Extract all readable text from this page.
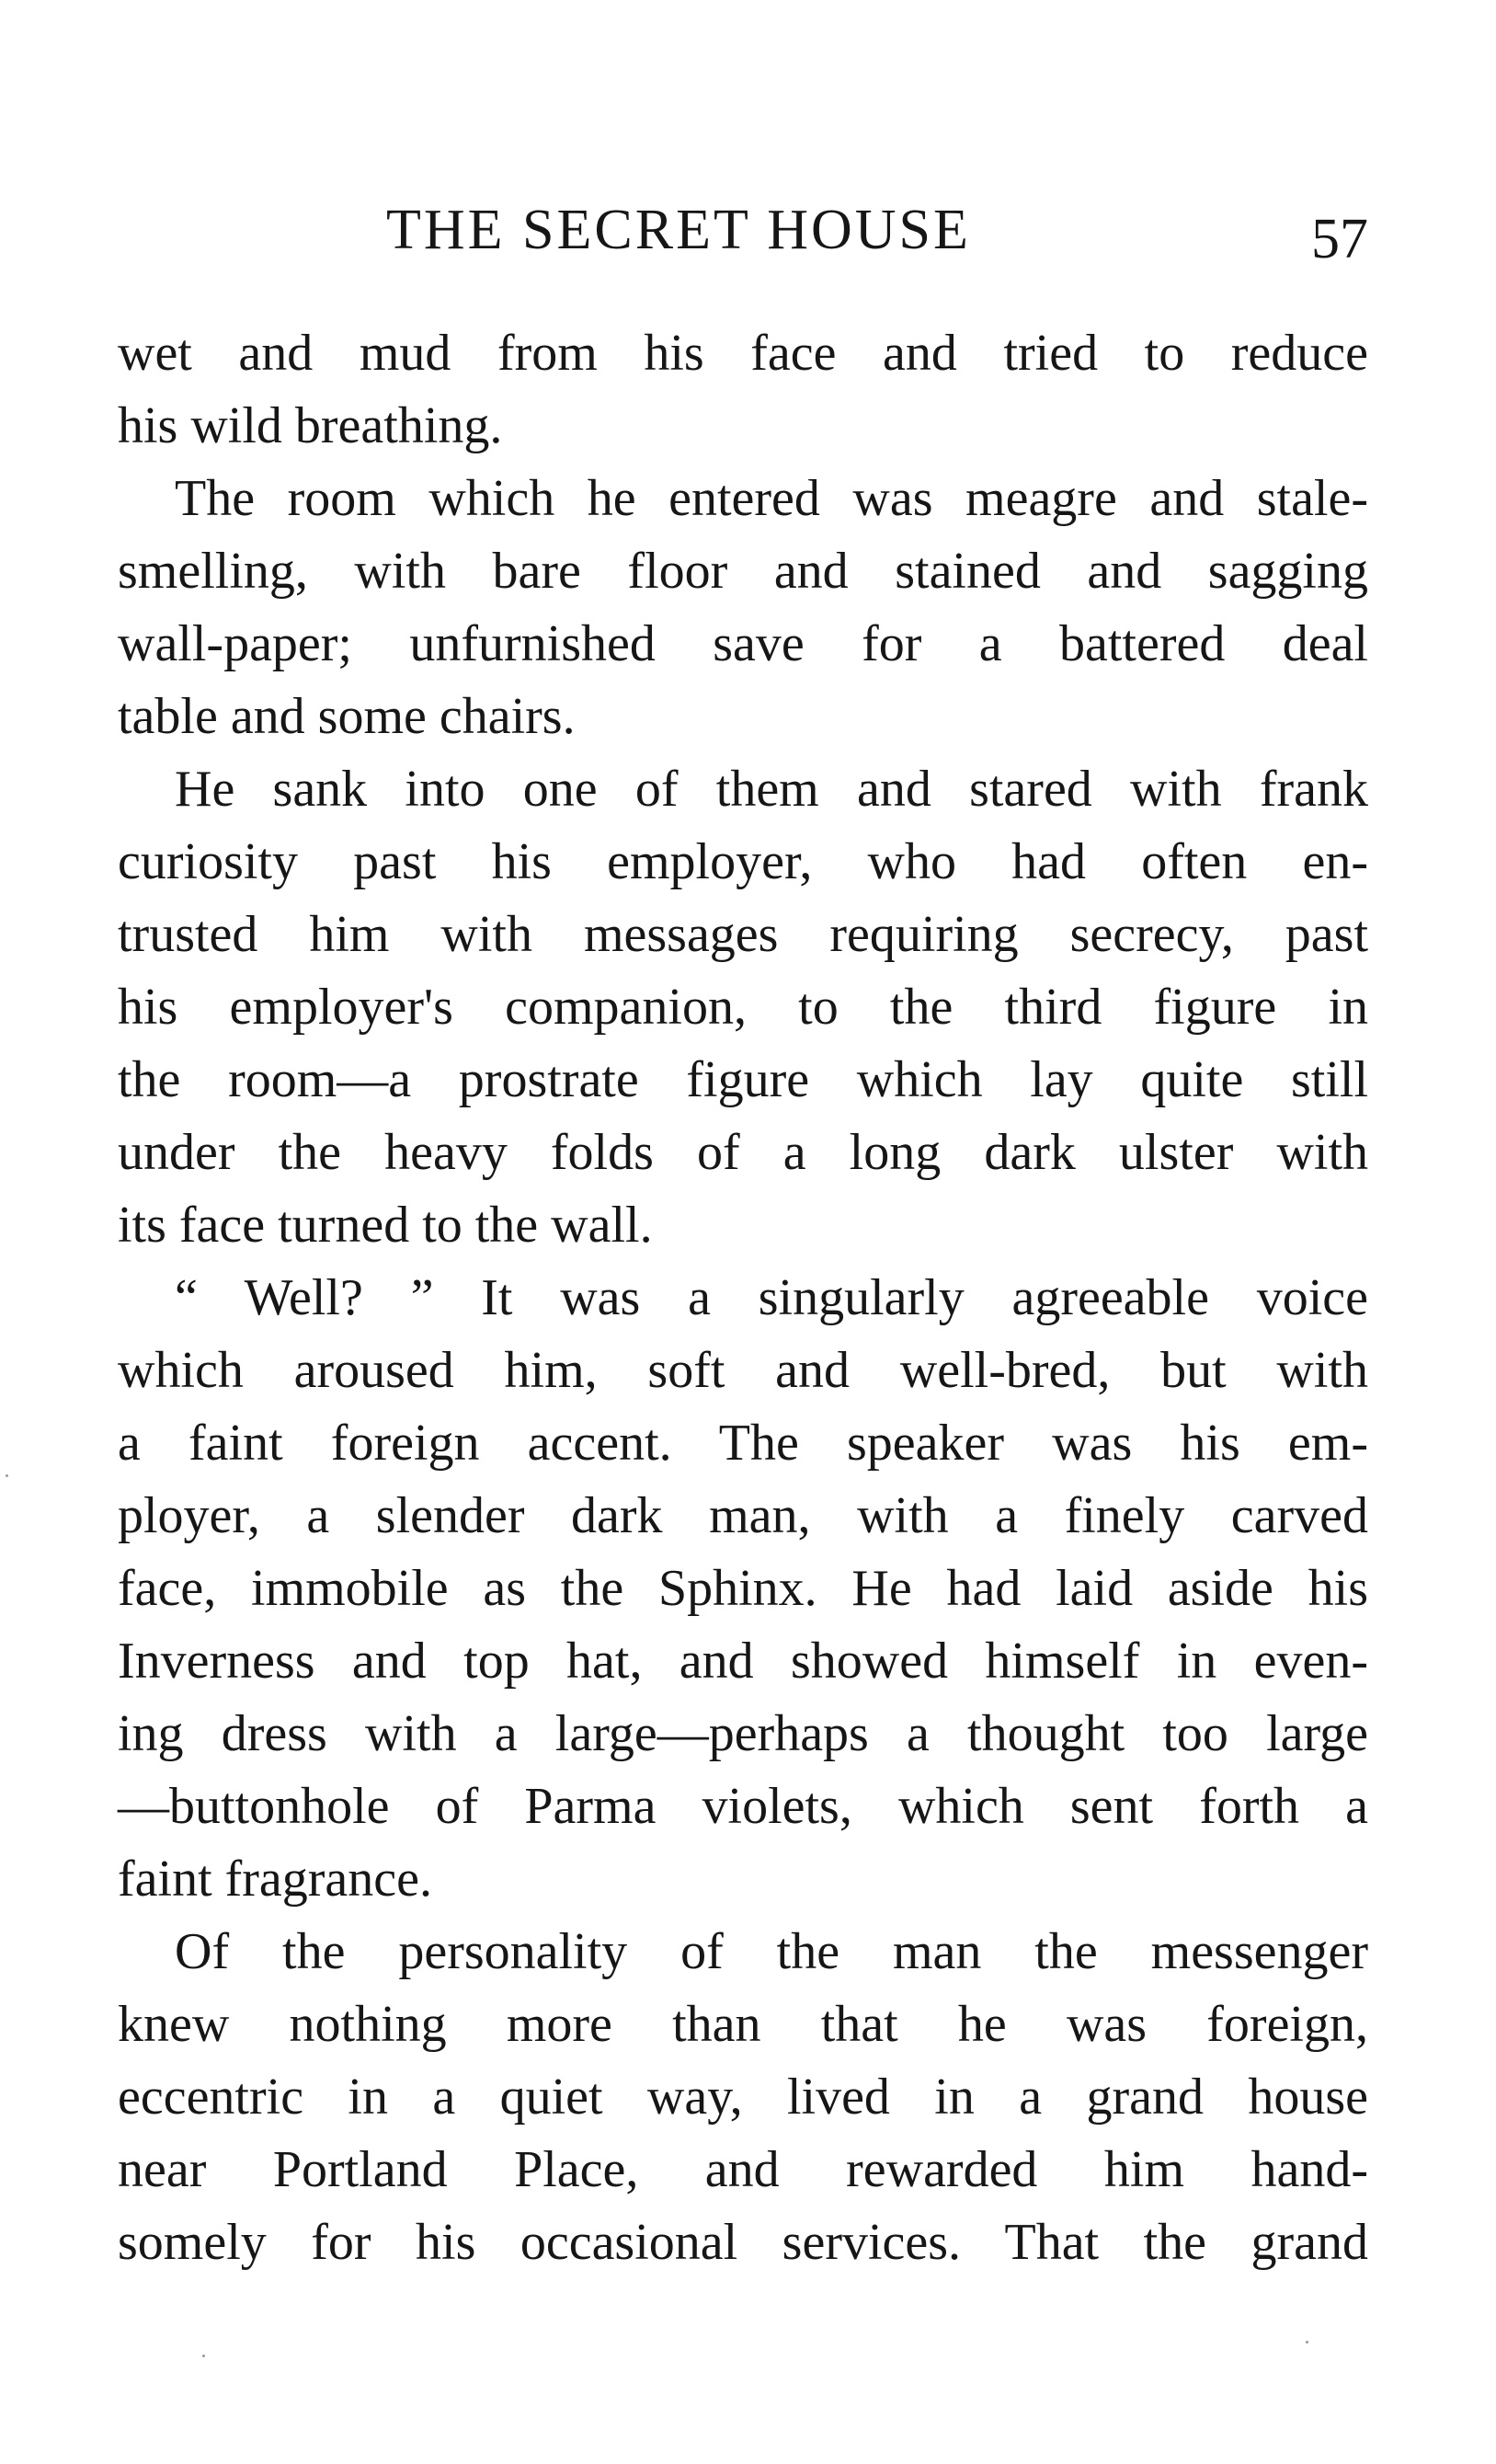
THE SECRET HOUSE	57
wet and mud from his face and tried to reduce
his wild breathing.
The room which he entered was meagre and stale-
smelling, with bare floor and stained and sagging
wall-paper; unfurnished save for a battered deal
table and some chairs.
He sank into one of them and stared with frank
curiosity past his employer, who had often en-
trusted him with messages requiring secrecy, past
his employer's companion, to the third figure in
the room—a prostrate figure which lay quite still
under the heavy folds of a long dark ulster with
its face turned to the wall.
“ Well? ” It was a singularly agreeable voice
which aroused him, soft and well-bred, but with
a faint foreign accent. The speaker was his em-
ployer, a slender dark man, with a finely carved
face, immobile as the Sphinx. He had laid aside his
Inverness and top hat, and showed himself in even-
ing dress with a large—perhaps a thought too large
—buttonhole of Parma violets, which sent forth a
faint fragrance.
Of the personality of the man the messenger
knew nothing more than that he was foreign,
eccentric in a quiet way, lived in a grand house
near Portland Place, and rewarded him hand-
somely for his occasional services. That the grand
